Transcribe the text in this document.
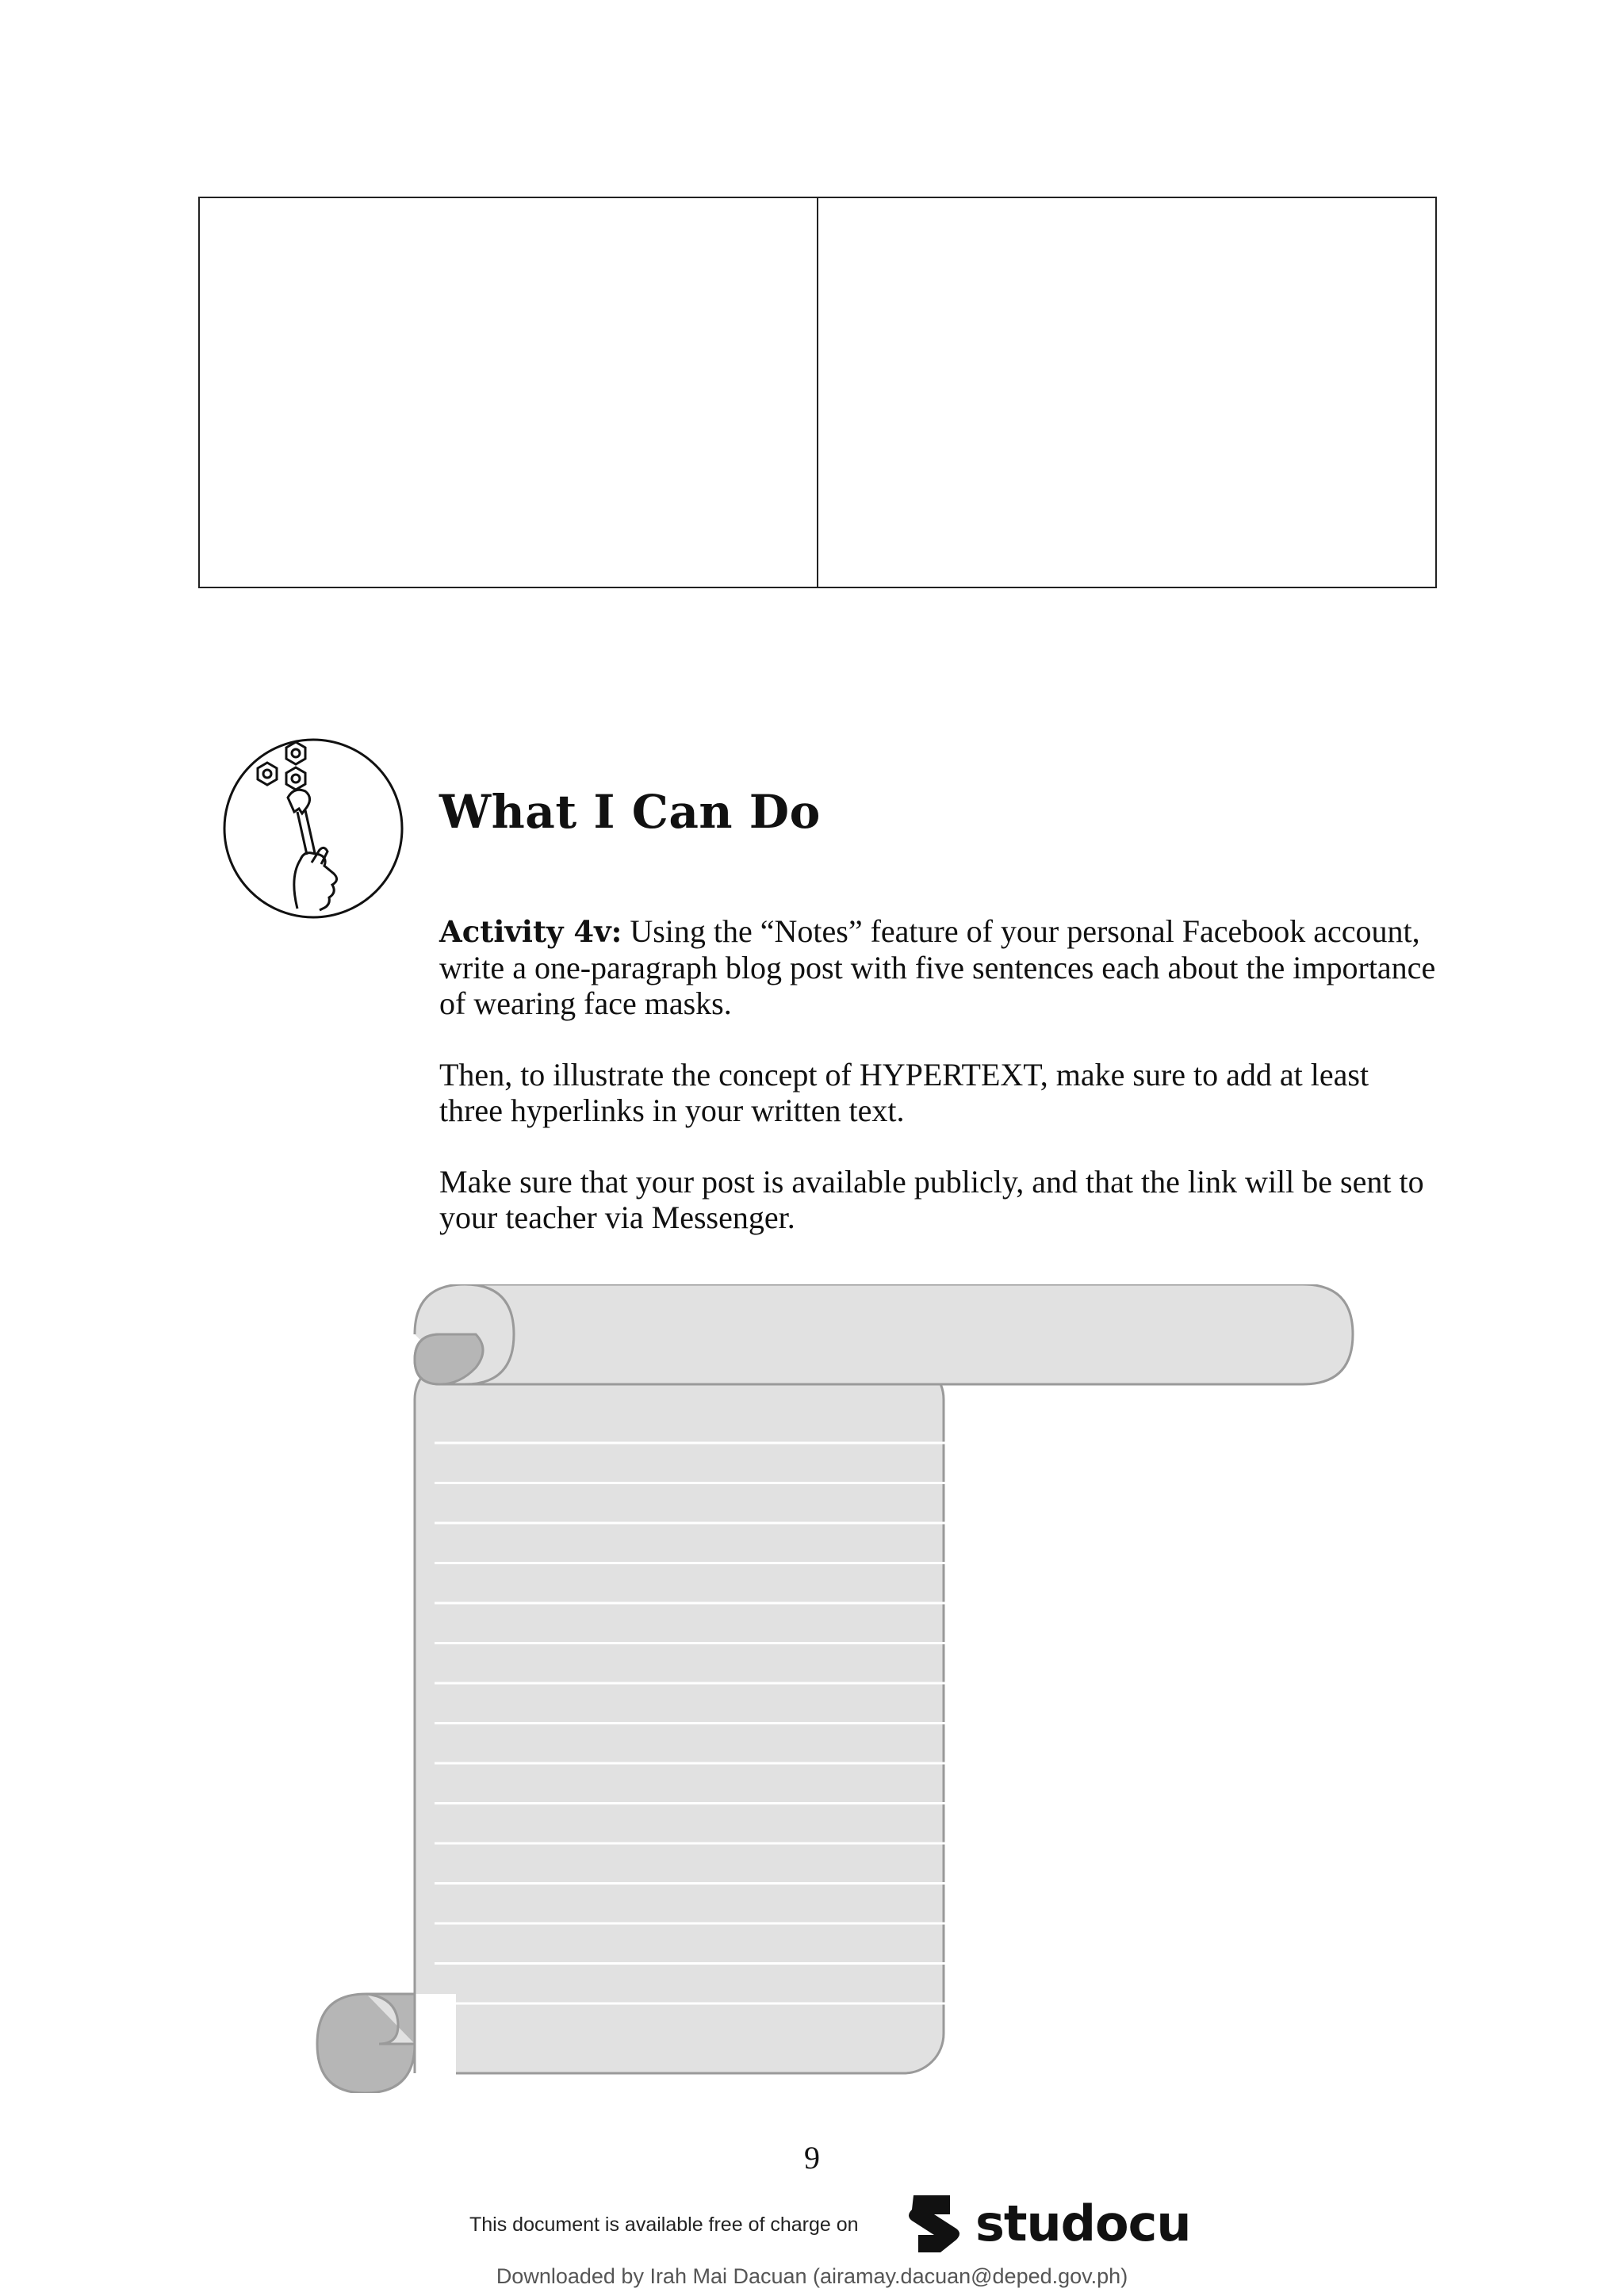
What I Can Do

Activity 4v: Using the “Notes” feature of your personal Facebook account, write a one-paragraph blog post with five sentences each about the importance of wearing face masks.

Then, to illustrate the concept of HYPERTEXT, make sure to add at least three hyperlinks in your written text.

Make sure that your post is available publicly, and that the link will be sent to your teacher via Messenger.

9
This document is available free of charge on studocu
Downloaded by Irah Mai Dacuan (airamay.dacuan@deped.gov.ph)
